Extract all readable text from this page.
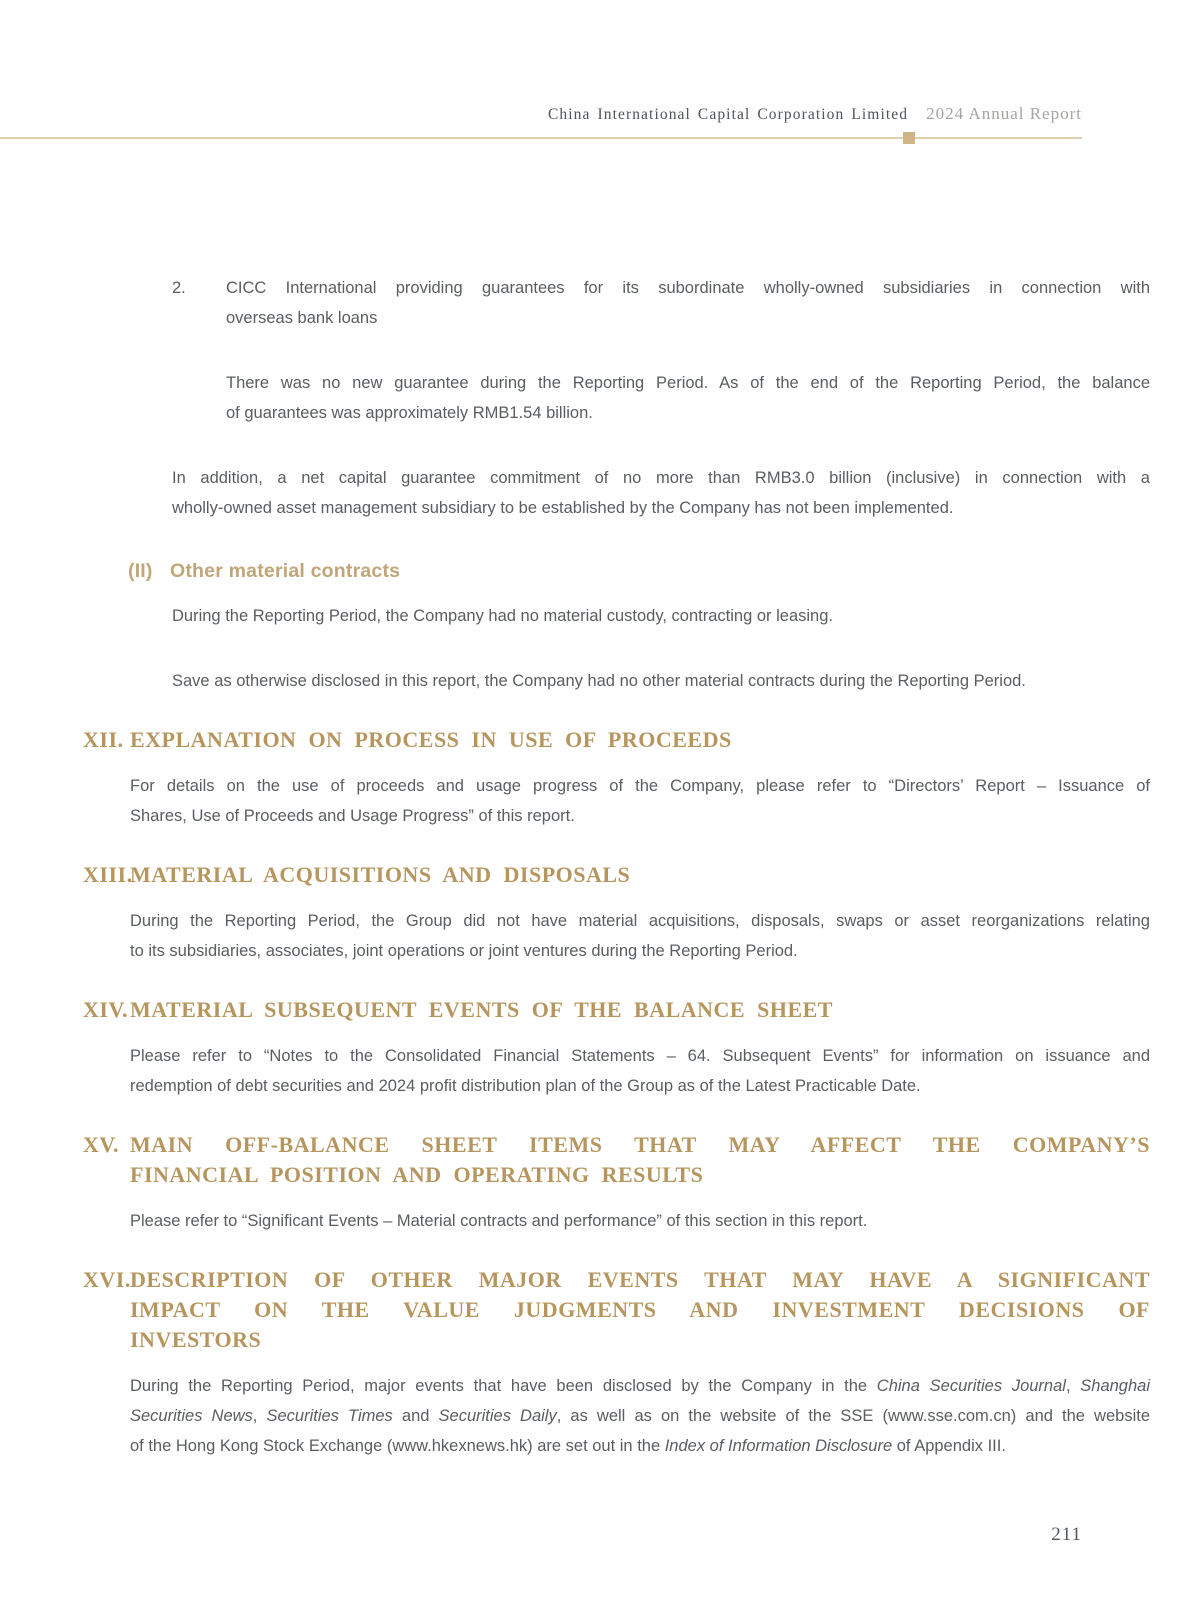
China International Capital Corporation Limited 2024 Annual Report
2. CICC International providing guarantees for its subordinate wholly-owned subsidiaries in connection with
overseas bank loans
There was no new guarantee during the Reporting Period. As of the end of the Reporting Period, the balance
of guarantees was approximately RMB1.54 billion.
In addition, a net capital guarantee commitment of no more than RMB3.0 billion (inclusive) in connection with a
wholly-owned asset management subsidiary to be established by the Company has not been implemented.
(II) Other material contracts
During the Reporting Period, the Company had no material custody, contracting or leasing.
Save as otherwise disclosed in this report, the Company had no other material contracts during the Reporting Period.
XII. EXPLANATION ON PROCESS IN USE OF PROCEEDS
For details on the use of proceeds and usage progress of the Company, please refer to “Directors’ Report – Issuance of
Shares, Use of Proceeds and Usage Progress” of this report.
XIII.
MATERIAL ACQUISITIONS AND DISPOSALS
During the Reporting Period, the Group did not have material acquisitions, disposals, swaps or asset reorganizations relating
to its subsidiaries, associates, joint operations or joint ventures during the Reporting Period.
XIV. MATERIAL SUBSEQUENT EVENTS OF THE BALANCE SHEET
Please refer to “Notes to the Consolidated Financial Statements – 64. Subsequent Events” for information on issuance and
redemption of debt securities and 2024 profit distribution plan of the Group as of the Latest Practicable Date.
XV. MAIN OFF-BALANCE SHEET ITEMS THAT MAY AFFECT THE COMPANY’S
FINANCIAL POSITION AND OPERATING RESULTS
Please refer to “Significant Events – Material contracts and performance” of this section in this report.
XVI. DESCRIPTION OF OTHER MAJOR EVENTS THAT MAY HAVE A SIGNIFICANT
IMPACT ON THE VALUE JUDGMENTS AND INVESTMENT DECISIONS OF
INVESTORS
During the Reporting Period, major events that have been disclosed by the Company in the China Securities Journal, Shanghai
Securities News, Securities Times and Securities Daily, as well as on the website of the SSE (www.sse.com.cn) and the website
of the Hong Kong Stock Exchange (www.hkexnews.hk) are set out in the Index of Information Disclosure of Appendix III.
211
